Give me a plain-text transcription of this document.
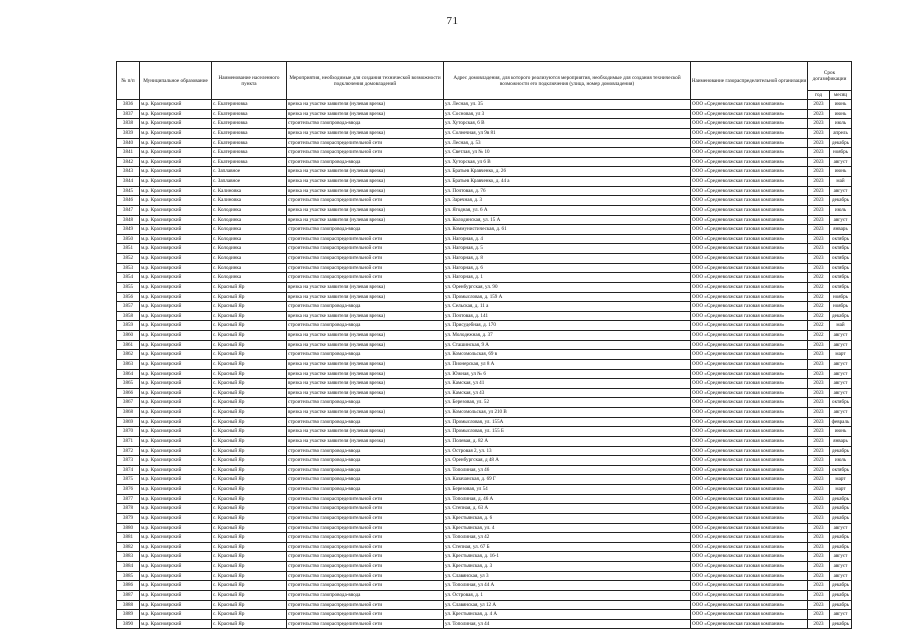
71
№ п/п	Муниципальное образование	Наименование населенного пункта	Мероприятия, необходимые для создания технической возможности подключения домовладений	Адрес домовладения, для которого реализуются мероприятия, необходимые для создания технической возможности его подключения (улица, номер домовладения)	Наименование газораспределительной организации	Срок догазификации	
						год	месяц
3836	м.р. Красноярский	с. Екатериновка	врезка на участке заявителя (нулевая врезка)	ул. Лесная, ул. 35	ООО «Средневолжская газовая компания»	2023	июнь
3837	м.р. Красноярский	с. Екатериновка	врезка на участке заявителя (нулевая врезка)	ул. Сосновая, ул 3	ООО «Средневолжская газовая компания»	2023	июнь
3838	м.р. Красноярский	с. Екатериновка	строительство газопровода-ввода	ул. Хуторская, 6 В	ООО «Средневолжская газовая компания»	2023	июль
3839	м.р. Красноярский	с. Екатериновка	врезка на участке заявителя (нулевая врезка)	ул. Солнечная, ул 9в 81	ООО «Средневолжская газовая компания»	2023	апрель
3840	м.р. Красноярский	с. Екатериновка	строительство газораспределительной сети	ул. Лесная, д. 53	ООО «Средневолжская газовая компания»	2023	декабрь
3841	м.р. Красноярский	с. Екатериновка	строительство газораспределительной сети	ул. Светлая, ул № 10	ООО «Средневолжская газовая компания»	2023	ноябрь
3842	м.р. Красноярский	с. Екатериновка	строительство газопровода-ввода	ул. Хуторская, ул 6 В	ООО «Средневолжская газовая компания»	2023	август
3843	м.р. Красноярский	с. Заплавное	врезка на участке заявителя (нулевая врезка)	ул. Братьев Кравченко, д. 26	ООО «Средневолжская газовая компания»	2023	июнь
3844	м.р. Красноярский	с. Заплавное	врезка на участке заявителя (нулевая врезка)	ул. Братьев Кравченко, д. 44 а	ООО «Средневолжская газовая компания»	2023	май
3845	м.р. Красноярский	с. Калиновка	врезка на участке заявителя (нулевая врезка)	ул. Почтовая, д. 76	ООО «Средневолжская газовая компания»	2023	август
3846	м.р. Красноярский	с. Калиновка	строительство газораспределительной сети	ул. Заречная, д. 3	ООО «Средневолжская газовая компания»	2023	декабрь
3847	м.р. Красноярский	с. Колодинка	врезка на участке заявителя (нулевая врезка)	ул. Ягодная, ул. 6 А	ООО «Средневолжская газовая компания»	2023	июль
3848	м.р. Красноярский	с. Колодинка	врезка на участке заявителя (нулевая врезка)	ул. Колодинская, ул. 15 А	ООО «Средневолжская газовая компания»	2023	август
3849	м.р. Красноярский	с. Колодинка	строительство газопровода-ввода	ул. Коммунистическая, д. 61	ООО «Средневолжская газовая компания»	2023	январь
3850	м.р. Красноярский	с. Колодинка	строительство газораспределительной сети	ул. Нагорная, д. 4	ООО «Средневолжская газовая компания»	2023	октябрь
3851	м.р. Красноярский	с. Колодинка	строительство газораспределительной сети	ул. Нагорная, д. 5	ООО «Средневолжская газовая компания»	2023	октябрь
3852	м.р. Красноярский	с. Колодинка	строительство газораспределительной сети	ул. Нагорная, д. 8	ООО «Средневолжская газовая компания»	2023	октябрь
3853	м.р. Красноярский	с. Колодинка	строительство газораспределительной сети	ул. Нагорная, д. 6	ООО «Средневолжская газовая компания»	2023	октябрь
3854	м.р. Красноярский	с. Колодинка	строительство газораспределительной сети	ул. Нагорная, д. 1	ООО «Средневолжская газовая компания»	2022	октябрь
3855	м.р. Красноярский	с. Красный Яр	врезка на участке заявителя (нулевая врезка)	ул. Оренбургская, ул. 90	ООО «Средневолжская газовая компания»	2022	октябрь
3856	м.р. Красноярский	с. Красный Яр	врезка на участке заявителя (нулевая врезка)	ул. Промысловая, д. 159 А	ООО «Средневолжская газовая компания»	2022	ноябрь
3857	м.р. Красноярский	с. Красный Яр	строительство газопровода-ввода	ул. Сельская, д. 11 а	ООО «Средневолжская газовая компания»	2022	ноябрь
3858	м.р. Красноярский	с. Красный Яр	врезка на участке заявителя (нулевая врезка)	ул. Почтовая, д. 141	ООО «Средневолжская газовая компания»	2022	декабрь
3859	м.р. Красноярский	с. Красный Яр	строительство газопровода-ввода	ул. Присудебная, д. 170	ООО «Средневолжская газовая компания»	2022	май
3860	м.р. Красноярский	с. Красный Яр	врезка на участке заявителя (нулевая врезка)	ул. Молодежная, д. 37	ООО «Средневолжская газовая компания»	2022	август
3861	м.р. Красноярский	с. Красный Яр	врезка на участке заявителя (нулевая врезка)	ул. Сташинская, 9 А	ООО «Средневолжская газовая компания»	2023	август
3862	м.р. Красноярский	с. Красный Яр	строительство газопровода-ввода	ул. Комсомольская, 69 в	ООО «Средневолжская газовая компания»	2023	март
3863	м.р. Красноярский	с. Красный Яр	врезка на участке заявителя (нулевая врезка)	ул. Пионерская, ул 8 А	ООО «Средневолжская газовая компания»	2023	август
3864	м.р. Красноярский	с. Красный Яр	врезка на участке заявителя (нулевая врезка)	ул. Южная, ул № 6	ООО «Средневолжская газовая компания»	2023	август
3865	м.р. Красноярский	с. Красный Яр	врезка на участке заявителя (нулевая врезка)	ул. Камская, ул 41	ООО «Средневолжская газовая компания»	2023	август
3866	м.р. Красноярский	с. Красный Яр	врезка на участке заявителя (нулевая врезка)	ул. Камская, ул 43	ООО «Средневолжская газовая компания»	2023	август
3867	м.р. Красноярский	с. Красный Яр	строительство газопровода-ввода	ул. Березовая, ул. 52	ООО «Средневолжская газовая компания»	2023	октябрь
3868	м.р. Красноярский	с. Красный Яр	врезка на участке заявителя (нулевая врезка)	ул. Комсомольская, ул 210 В	ООО «Средневолжская газовая компания»	2023	август
3869	м.р. Красноярский	с. Красный Яр	строительство газопровода-ввода	ул. Промысловая, ул. 155А	ООО «Средневолжская газовая компания»	2023	февраль
3870	м.р. Красноярский	с. Красный Яр	врезка на участке заявителя (нулевая врезка)	ул. Промысловая, ул. 155 Б	ООО «Средневолжская газовая компания»	2023	июнь
3871	м.р. Красноярский	с. Красный Яр	врезка на участке заявителя (нулевая врезка)	ул. Полевая, д. 82 А	ООО «Средневолжская газовая компания»	2023	январь
3872	м.р. Красноярский	с. Красный Яр	строительство газопровода-ввода	ул. Островая 2, ул. 13	ООО «Средневолжская газовая компания»	2023	декабрь
3873	м.р. Красноярский	с. Красный Яр	строительство газопровода-ввода	ул. Оренбургская, д 48 А	ООО «Средневолжская газовая компания»	2023	июль
3874	м.р. Красноярский	с. Красный Яр	строительство газопровода-ввода	ул. Тополиная, ул 46	ООО «Средневолжская газовая компания»	2023	октябрь
3875	м.р. Красноярский	с. Красный Яр	строительство газопровода-ввода	ул. Казачанская, д. 69 Г	ООО «Средневолжская газовая компания»	2023	март
3876	м.р. Красноярский	с. Красный Яр	строительство газопровода-ввода	ул. Березовая, ул 54	ООО «Средневолжская газовая компания»	2023	март
3877	м.р. Красноярский	с. Красный Яр	строительство газораспределительной сети	ул. Тополиная, д. 46 А	ООО «Средневолжская газовая компания»	2023	декабрь
3878	м.р. Красноярский	с. Красный Яр	строительство газораспределительной сети	ул. Степная, д. 63 А	ООО «Средневолжская газовая компания»	2023	декабрь
3879	м.р. Красноярский	с. Красный Яр	строительство газораспределительной сети	ул. Крестьянская, д. 6	ООО «Средневолжская газовая компания»	2023	декабрь
3880	м.р. Красноярский	с. Красный Яр	строительство газораспределительной сети	ул. Крестьянская, ул. 4	ООО «Средневолжская газовая компания»	2023	август
3881	м.р. Красноярский	с. Красный Яр	строительство газораспределительной сети	ул. Тополиная, ул 42	ООО «Средневолжская газовая компания»	2023	декабрь
3882	м.р. Красноярский	с. Красный Яр	строительство газораспределительной сети	ул. Степная, ул. 67 Б	ООО «Средневолжская газовая компания»	2023	декабрь
3883	м.р. Красноярский	с. Красный Яр	строительство газораспределительной сети	ул. Крестьянская, д. 16-1	ООО «Средневолжская газовая компания»	2023	август
3884	м.р. Красноярский	с. Красный Яр	строительство газораспределительной сети	ул. Крестьянская, д. 3	ООО «Средневолжская газовая компания»	2023	август
3885	м.р. Красноярский	с. Красный Яр	строительство газораспределительной сети	ул. Славянская, ул 3	ООО «Средневолжская газовая компания»	2023	август
3886	м.р. Красноярский	с. Красный Яр	строительство газораспределительной сети	ул. Тополиная, ул 44 А	ООО «Средневолжская газовая компания»	2023	декабрь
3887	м.р. Красноярский	с. Красный Яр	строительство газопровода-ввода	ул. Островая, д. 1	ООО «Средневолжская газовая компания»	2023	декабрь
3888	м.р. Красноярский	с. Красный Яр	строительство газораспределительной сети	ул. Славянская, ул 12 А	ООО «Средневолжская газовая компания»	2023	декабрь
3889	м.р. Красноярский	с. Красный Яр	строительство газораспределительной сети	ул. Крестьянская, д. 4 А	ООО «Средневолжская газовая компания»	2023	август
3890	м.р. Красноярский	с. Красный Яр	строительство газораспределительной сети	ул. Тополиная, ул 44	ООО «Средневолжская газовая компания»	2023	декабрь
